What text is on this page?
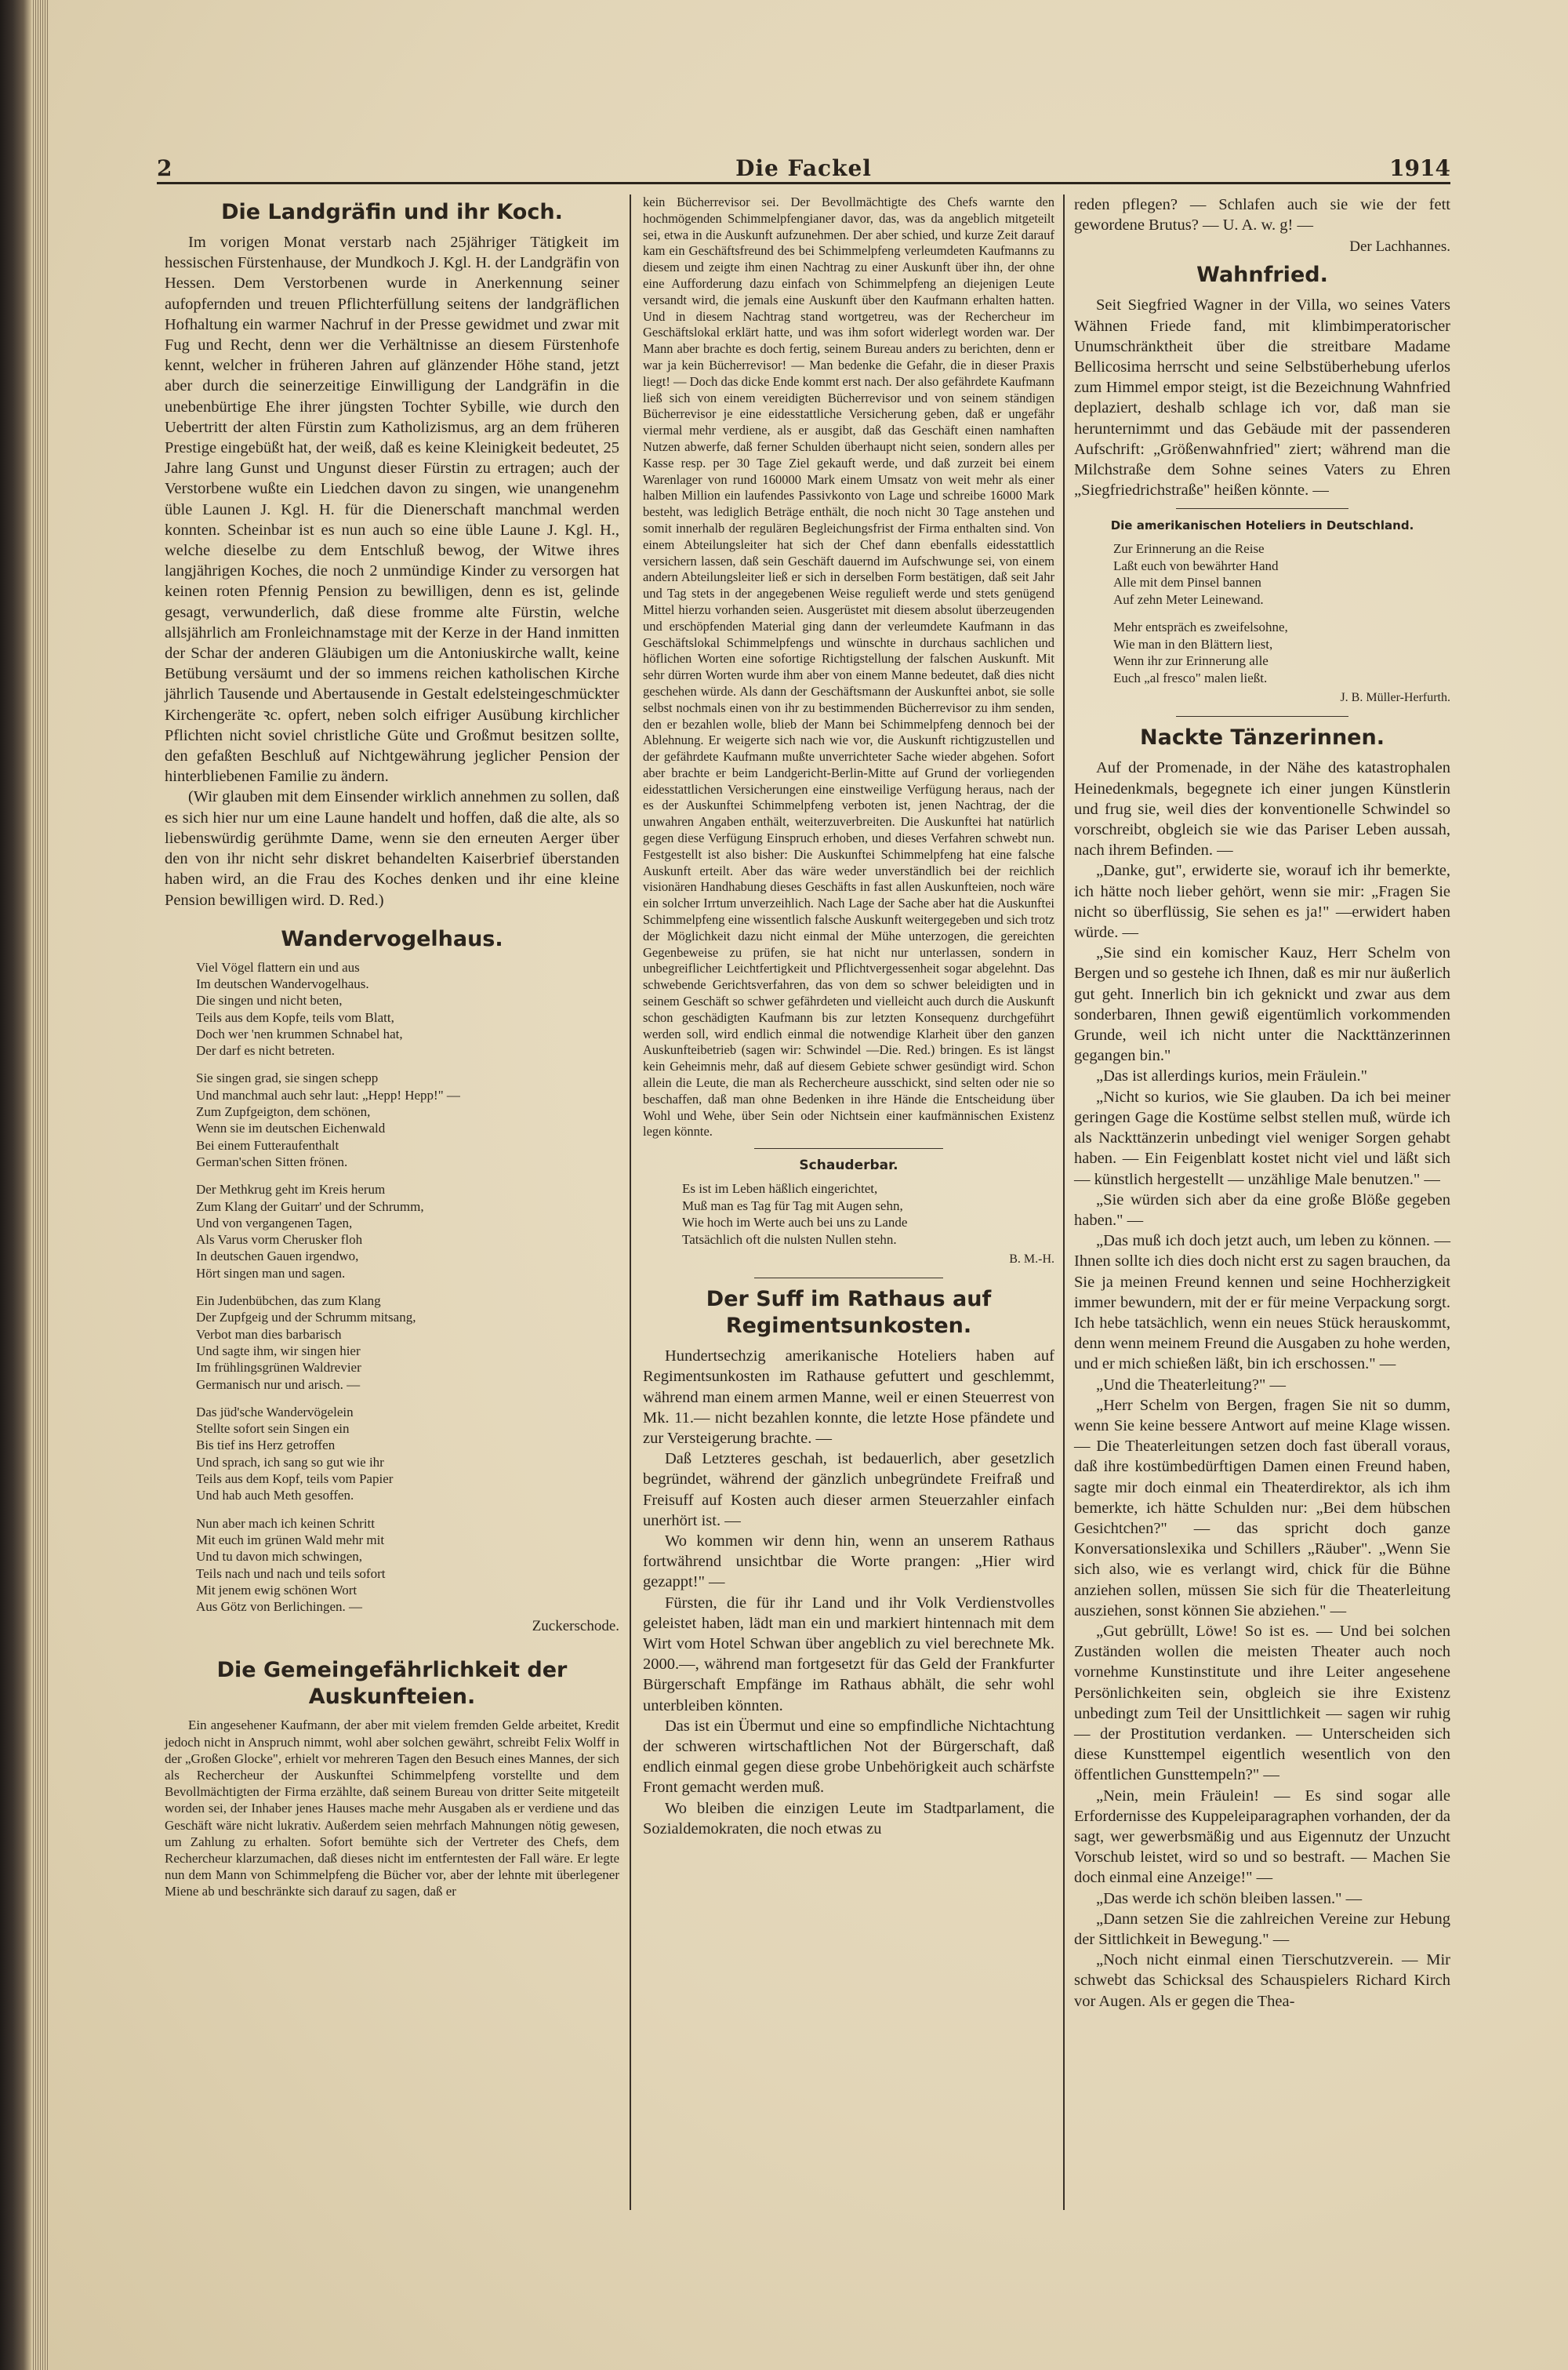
2	Die Fackel	1914
Die Landgräfin und ihr Koch.

Im vorigen Monat verstarb nach 25jähriger Tätigkeit im hessischen Fürstenhause, der Mundkoch J. Kgl. H. der Landgräfin von Hessen. Dem Verstorbenen wurde in Anerkennung seiner aufopfernden und treuen Pflichterfüllung seitens der landgräflichen Hofhaltung ein warmer Nachruf in der Presse gewidmet und zwar mit Fug und Recht, denn wer die Verhältnisse an diesem Fürstenhofe kennt, welcher in früheren Jahren auf glänzender Höhe stand, jetzt aber durch die seinerzeitige Einwilligung der Landgräfin in die unebenbürtige Ehe ihrer jüngsten Tochter Sybille, wie durch den Uebertritt der alten Fürstin zum Katholizismus, arg an dem früheren Prestige eingebüßt hat, der weiß, daß es keine Kleinigkeit bedeutet, 25 Jahre lang Gunst und Ungunst dieser Fürstin zu ertragen; auch der Verstorbene wußte ein Liedchen davon zu singen, wie unangenehm üble Launen J. Kgl. H. für die Dienerschaft manchmal werden konnten. Scheinbar ist es nun auch so eine üble Laune J. Kgl. H., welche dieselbe zu dem Entschluß bewog, der Witwe ihres langjährigen Koches, die noch 2 unmündige Kinder zu versorgen hat keinen roten Pfennig Pension zu bewilligen, denn es ist, gelinde gesagt, verwunderlich, daß diese fromme alte Fürstin, welche allsjährlich am Fronleichnamstage mit der Kerze in der Hand inmitten der Schar der anderen Gläubigen um die Antoniuskirche wallt, keine Betübung versäumt und der so immens reichen katholischen Kirche jährlich Tausende und Abertausende in Gestalt edelsteingeschmückter Kirchengeräte ꝛc. opfert, neben solch eifriger Ausübung kirchlicher Pflichten nicht soviel christliche Güte und Großmut besitzen sollte, den gefaßten Beschluß auf Nichtgewährung jeglicher Pension der hinterbliebenen Familie zu ändern.

(Wir glauben mit dem Einsender wirklich annehmen zu sollen, daß es sich hier nur um eine Laune handelt und hoffen, daß die alte, als so liebenswürdig gerühmte Dame, wenn sie den erneuten Aerger über den von ihr nicht sehr diskret behandelten Kaiserbrief überstanden haben wird, an die Frau des Koches denken und ihr eine kleine Pension bewilligen wird. D. Red.)

Wandervogelhaus.
Viel Vögel flattern ein und aus
Im deutschen Wandervogelhaus.
Die singen und nicht beten,
Teils aus dem Kopfe, teils vom Blatt,
Doch wer 'nen krummen Schnabel hat,
Der darf es nicht betreten.
Sie singen grad, sie singen schepp
Und manchmal auch sehr laut: „Hepp! Hepp!" —
Zum Zupfgeigton, dem schönen,
Wenn sie im deutschen Eichenwald
Bei einem Futteraufenthalt
German'schen Sitten frönen.
Der Methkrug geht im Kreis herum
Zum Klang der Guitarr' und der Schrumm,
Und von vergangenen Tagen,
Als Varus vorm Cherusker floh
In deutschen Gauen irgendwo,
Hört singen man und sagen.
Ein Judenbübchen, das zum Klang
Der Zupfgeig und der Schrumm mitsang,
Verbot man dies barbarisch
Und sagte ihm, wir singen hier
Im frühlingsgrünen Waldrevier
Germanisch nur und arisch. —
Das jüd'sche Wandervögelein
Stellte sofort sein Singen ein
Bis tief ins Herz getroffen
Und sprach, ich sang so gut wie ihr
Teils aus dem Kopf, teils vom Papier
Und hab auch Meth gesoffen.
Nun aber mach ich keinen Schritt
Mit euch im grünen Wald mehr mit
Und tu davon mich schwingen,
Teils nach und nach und teils sofort
Mit jenem ewig schönen Wort
Aus Götz von Berlichingen. —
Zuckerschode.
Die Gemeingefährlichkeit der Auskunfteien.

Ein angesehener Kaufmann, der aber mit vielem fremden Gelde arbeitet, Kredit jedoch nicht in Anspruch nimmt, wohl aber solchen gewährt, schreibt Felix Wolff in der „Großen Glocke", erhielt vor mehreren Tagen den Besuch eines Mannes, der sich als Rechercheur der Auskunftei Schimmelpfeng vorstellte und dem Bevollmächtigten der Firma erzählte, daß seinem Bureau von dritter Seite mitgeteilt worden sei, der Inhaber jenes Hauses mache mehr Ausgaben als er verdiene und das Geschäft wäre nicht lukrativ. Außerdem seien mehrfach Mahnungen nötig gewesen, um Zahlung zu erhalten. Sofort bemühte sich der Vertreter des Chefs, dem Rechercheur klarzumachen, daß dieses nicht im entferntesten der Fall wäre. Er legte nun dem Mann von Schimmelpfeng die Bücher vor, aber der lehnte mit überlegener Miene ab und beschränkte sich darauf zu sagen, daß er

kein Bücherrevisor sei. Der Bevollmächtigte des Chefs warnte den hochmögenden Schimmelpfengianer davor, das, was da angeblich mitgeteilt sei, etwa in die Auskunft aufzunehmen. Der aber schied, und kurze Zeit darauf kam ein Geschäftsfreund des bei Schimmelpfeng verleumdeten Kaufmanns zu diesem und zeigte ihm einen Nachtrag zu einer Auskunft über ihn, der ohne eine Aufforderung dazu einfach von Schimmelpfeng an diejenigen Leute versandt wird, die jemals eine Auskunft über den Kaufmann erhalten hatten. Und in diesem Nachtrag stand wortgetreu, was der Rechercheur im Geschäftslokal erklärt hatte, und was ihm sofort widerlegt worden war. Der Mann aber brachte es doch fertig, seinem Bureau anders zu berichten, denn er war ja kein Bücherrevisor! — Man bedenke die Gefahr, die in dieser Praxis liegt! — Doch das dicke Ende kommt erst nach. Der also gefährdete Kaufmann ließ sich von einem vereidigten Bücherrevisor und von seinem ständigen Bücherrevisor je eine eidesstattliche Versicherung geben, daß er ungefähr viermal mehr verdiene, als er ausgibt, daß das Geschäft einen namhaften Nutzen abwerfe, daß ferner Schulden überhaupt nicht seien, sondern alles per Kasse resp. per 30 Tage Ziel gekauft werde, und daß zurzeit bei einem Warenlager von rund 160000 Mark einem Umsatz von weit mehr als einer halben Million ein laufendes Passivkonto von Lage und schreibe 16000 Mark besteht, was lediglich Beträge enthält, die noch nicht 30 Tage anstehen und somit innerhalb der regulären Begleichungsfrist der Firma enthalten sind. Von einem Abteilungsleiter hat sich der Chef dann ebenfalls eidesstattlich versichern lassen, daß sein Geschäft dauernd im Aufschwunge sei, von einem andern Abteilungsleiter ließ er sich in derselben Form bestätigen, daß seit Jahr und Tag stets in der angegebenen Weise regulieft werde und stets genügend Mittel hierzu vorhanden seien. Ausgerüstet mit diesem absolut überzeugenden und erschöpfenden Material ging dann der verleumdete Kaufmann in das Geschäftslokal Schimmelpfengs und wünschte in durchaus sachlichen und höflichen Worten eine sofortige Richtigstellung der falschen Auskunft. Mit sehr dürren Worten wurde ihm aber von einem Manne bedeutet, daß dies nicht geschehen würde. Als dann der Geschäftsmann der Auskunftei anbot, sie solle selbst nochmals einen von ihr zu bestimmenden Bücherrevisor zu ihm senden, den er bezahlen wolle, blieb der Mann bei Schimmelpfeng dennoch bei der Ablehnung. Er weigerte sich nach wie vor, die Auskunft richtigzustellen und der gefährdete Kaufmann mußte unverrichteter Sache wieder abgehen. Sofort aber brachte er beim Landgericht-Berlin-Mitte auf Grund der vorliegenden eidesstattlichen Versicherungen eine einstweilige Verfügung heraus, nach der es der Auskunftei Schimmelpfeng verboten ist, jenen Nachtrag, der die unwahren Angaben enthält, weiterzuverbreiten. Die Auskunftei hat natürlich gegen diese Verfügung Einspruch erhoben, und dieses Verfahren schwebt nun. Festgestellt ist also bisher: Die Auskunftei Schimmelpfeng hat eine falsche Auskunft erteilt. Aber das wäre weder unverständlich bei der reichlich visionären Handhabung dieses Geschäfts in fast allen Auskunfteien, noch wäre ein solcher Irrtum unverzeihlich. Nach Lage der Sache aber hat die Auskunftei Schimmelpfeng eine wissentlich falsche Auskunft weitergegeben und sich trotz der Möglichkeit dazu nicht einmal der Mühe unterzogen, die gereichten Gegenbeweise zu prüfen, sie hat nicht nur unterlassen, sondern in unbegreiflicher Leichtfertigkeit und Pflichtvergessenheit sogar abgelehnt. Das schwebende Gerichtsverfahren, das von dem so schwer beleidigten und in seinem Geschäft so schwer gefährdeten und vielleicht auch durch die Auskunft schon geschädigten Kaufmann bis zur letzten Konsequenz durchgeführt werden soll, wird endlich einmal die notwendige Klarheit über den ganzen Auskunfteibetrieb (sagen wir: Schwindel —Die. Red.) bringen. Es ist längst kein Geheimnis mehr, daß auf diesem Gebiete schwer gesündigt wird. Schon allein die Leute, die man als Rechercheure ausschickt, sind selten oder nie so beschaffen, daß man ohne Bedenken in ihre Hände die Entscheidung über Wohl und Wehe, über Sein oder Nichtsein einer kaufmännischen Existenz legen könnte.

Schauderbar.
Es ist im Leben häßlich eingerichtet,
Muß man es Tag für Tag mit Augen sehn,
Wie hoch im Werte auch bei uns zu Lande
Tatsächlich oft die nulsten Nullen stehn.
B. M.-H.
Der Suff im Rathaus auf Regimentsunkosten.

Hundertsechzig amerikanische Hoteliers haben auf Regimentsunkosten im Rathause gefuttert und geschlemmt, während man einem armen Manne, weil er einen Steuerrest von Mk. 11.— nicht bezahlen konnte, die letzte Hose pfändete und zur Versteigerung brachte. —

Daß Letzteres geschah, ist bedauerlich, aber gesetzlich begründet, während der gänzlich unbegründete Freifraß und Freisuff auf Kosten auch dieser armen Steuerzahler einfach unerhört ist. —

Wo kommen wir denn hin, wenn an unserem Rathaus fortwährend unsichtbar die Worte prangen: „Hier wird gezappt!" —

Fürsten, die für ihr Land und ihr Volk Verdienstvolles geleistet haben, lädt man ein und markiert hintennach mit dem Wirt vom Hotel Schwan über angeblich zu viel berechnete Mk. 2000.—, während man fortgesetzt für das Geld der Frankfurter Bürgerschaft Empfänge im Rathaus abhält, die sehr wohl unterbleiben könnten.

Das ist ein Übermut und eine so empfindliche Nichtachtung der schweren wirtschaftlichen Not der Bürgerschaft, daß endlich einmal gegen diese grobe Unbehörigkeit auch schärfste Front gemacht werden muß.

Wo bleiben die einzigen Leute im Stadtparlament, die Sozialdemokraten, die noch etwas zu

reden pflegen? — Schlafen auch sie wie der fett gewordene Brutus? — U. A. w. g! —

Der Lachhannes.
Wahnfried.

Seit Siegfried Wagner in der Villa, wo seines Vaters Wähnen Friede fand, mit klimbimperatorischer Unumschränktheit über die streitbare Madame Bellicosima herrscht und seine Selbstüberhebung uferlos zum Himmel empor steigt, ist die Bezeichnung Wahnfried deplaziert, deshalb schlage ich vor, daß man sie herunternimmt und das Gebäude mit der passenderen Aufschrift: „Größenwahnfried" ziert; während man die Milchstraße dem Sohne seines Vaters zu Ehren „Siegfriedrichstraße" heißen könnte. —

Die amerikanischen Hoteliers in Deutschland.
Zur Erinnerung an die Reise
Laßt euch von bewährter Hand
Alle mit dem Pinsel bannen
Auf zehn Meter Leinewand.
Mehr entspräch es zweifelsohne,
Wie man in den Blättern liest,
Wenn ihr zur Erinnerung alle
Euch „al fresco" malen ließt.
J. B. Müller-Herfurth.
Nackte Tänzerinnen.

Auf der Promenade, in der Nähe des katastrophalen Heinedenkmals, begegnete ich einer jungen Künstlerin und frug sie, weil dies der konventionelle Schwindel so vorschreibt, obgleich sie wie das Pariser Leben aussah, nach ihrem Befinden. —

„Danke, gut", erwiderte sie, worauf ich ihr bemerkte, ich hätte noch lieber gehört, wenn sie mir: „Fragen Sie nicht so überflüssig, Sie sehen es ja!" —erwidert haben würde. —

„Sie sind ein komischer Kauz, Herr Schelm von Bergen und so gestehe ich Ihnen, daß es mir nur äußerlich gut geht. Innerlich bin ich geknickt und zwar aus dem sonderbaren, Ihnen gewiß eigentümlich vorkommenden Grunde, weil ich nicht unter die Nackttänzerinnen gegangen bin."

„Das ist allerdings kurios, mein Fräulein."

„Nicht so kurios, wie Sie glauben. Da ich bei meiner geringen Gage die Kostüme selbst stellen muß, würde ich als Nackttänzerin unbedingt viel weniger Sorgen gehabt haben. — Ein Feigenblatt kostet nicht viel und läßt sich — künstlich hergestellt — unzählige Male benutzen." —

„Sie würden sich aber da eine große Blöße gegeben haben." —

„Das muß ich doch jetzt auch, um leben zu können. — Ihnen sollte ich dies doch nicht erst zu sagen brauchen, da Sie ja meinen Freund kennen und seine Hochherzigkeit immer bewundern, mit der er für meine Verpackung sorgt. Ich hebe tatsächlich, wenn ein neues Stück herauskommt, denn wenn meinem Freund die Ausgaben zu hohe werden, und er mich schießen läßt, bin ich erschossen." —

„Und die Theaterleitung?" —

„Herr Schelm von Bergen, fragen Sie nit so dumm, wenn Sie keine bessere Antwort auf meine Klage wissen. — Die Theaterleitungen setzen doch fast überall voraus, daß ihre kostümbedürftigen Damen einen Freund haben, sagte mir doch einmal ein Theaterdirektor, als ich ihm bemerkte, ich hätte Schulden nur: „Bei dem hübschen Gesichtchen?" — das spricht doch ganze Konversationslexika und Schillers „Räuber". „Wenn Sie sich also, wie es verlangt wird, chick für die Bühne anziehen sollen, müssen Sie sich für die Theaterleitung ausziehen, sonst können Sie abziehen." —

„Gut gebrüllt, Löwe! So ist es. — Und bei solchen Zuständen wollen die meisten Theater auch noch vornehme Kunstinstitute und ihre Leiter angesehene Persönlichkeiten sein, obgleich sie ihre Existenz unbedingt zum Teil der Unsittlichkeit — sagen wir ruhig — der Prostitution verdanken. — Unterscheiden sich diese Kunsttempel eigentlich wesentlich von den öffentlichen Gunsttempeln?" —

„Nein, mein Fräulein! — Es sind sogar alle Erfordernisse des Kuppeleiparagraphen vorhanden, der da sagt, wer gewerbsmäßig und aus Eigennutz der Unzucht Vorschub leistet, wird so und so bestraft. — Machen Sie doch einmal eine Anzeige!" —

„Das werde ich schön bleiben lassen." —

„Dann setzen Sie die zahlreichen Vereine zur Hebung der Sittlichkeit in Bewegung." —

„Noch nicht einmal einen Tierschutzverein. — Mir schwebt das Schicksal des Schauspielers Richard Kirch vor Augen. Als er gegen die Thea-
